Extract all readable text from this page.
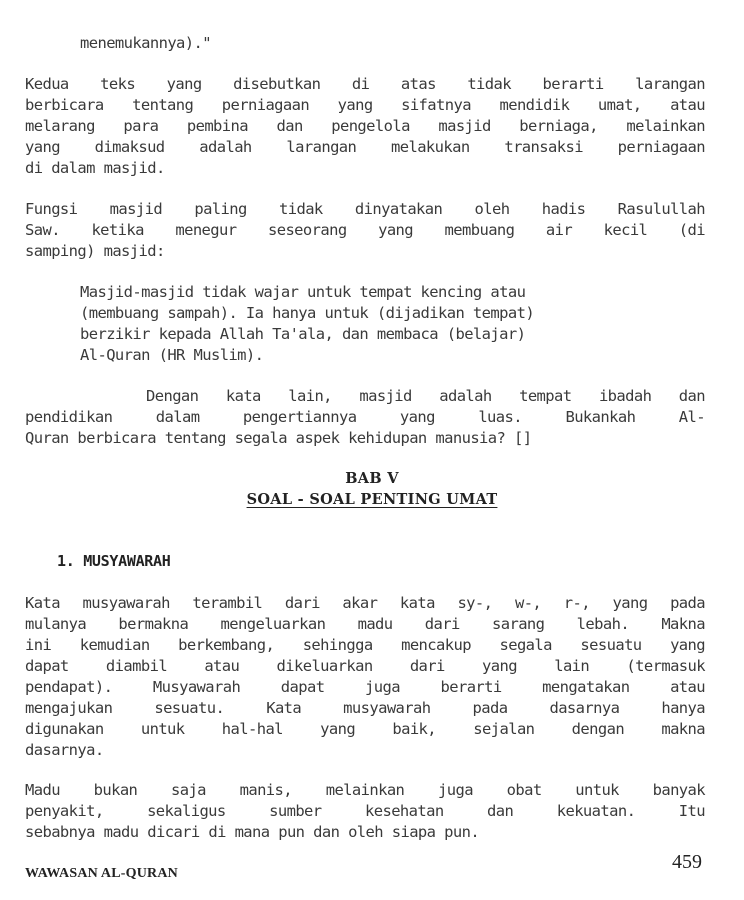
menemukannya)."
Kedua teks yang disebutkan di atas tidak berarti larangan
berbicara tentang perniagaan yang sifatnya mendidik umat, atau
melarang para pembina dan pengelola masjid berniaga, melainkan
yang dimaksud adalah larangan melakukan transaksi perniagaan
di dalam masjid.
Fungsi masjid paling tidak dinyatakan oleh hadis Rasulullah
Saw. ketika menegur seseorang yang membuang air kecil (di
samping) masjid:
Masjid-masjid tidak wajar untuk tempat kencing atau
(membuang sampah). Ia hanya untuk (dijadikan tempat)
berzikir kepada Allah Ta'ala, dan membaca (belajar)
Al-Quran (HR Muslim).
Dengan kata lain, masjid adalah tempat ibadah dan
pendidikan dalam pengertiannya yang luas. Bukankah Al-
Quran berbicara tentang segala aspek kehidupan manusia? []
BAB V
SOAL - SOAL PENTING UMAT
1. MUSYAWARAH
Kata musyawarah terambil dari akar kata sy-, w-, r-, yang pada
mulanya bermakna mengeluarkan madu dari sarang lebah. Makna
ini kemudian berkembang, sehingga mencakup segala sesuatu yang
dapat diambil atau dikeluarkan dari yang lain (termasuk
pendapat). Musyawarah dapat juga berarti mengatakan atau
mengajukan sesuatu. Kata musyawarah pada dasarnya hanya
digunakan untuk hal-hal yang baik, sejalan dengan makna
dasarnya.
Madu bukan saja manis, melainkan juga obat untuk banyak
penyakit, sekaligus sumber kesehatan dan kekuatan. Itu
sebabnya madu dicari di mana pun dan oleh siapa pun.
459
WAWASAN AL-QURAN
